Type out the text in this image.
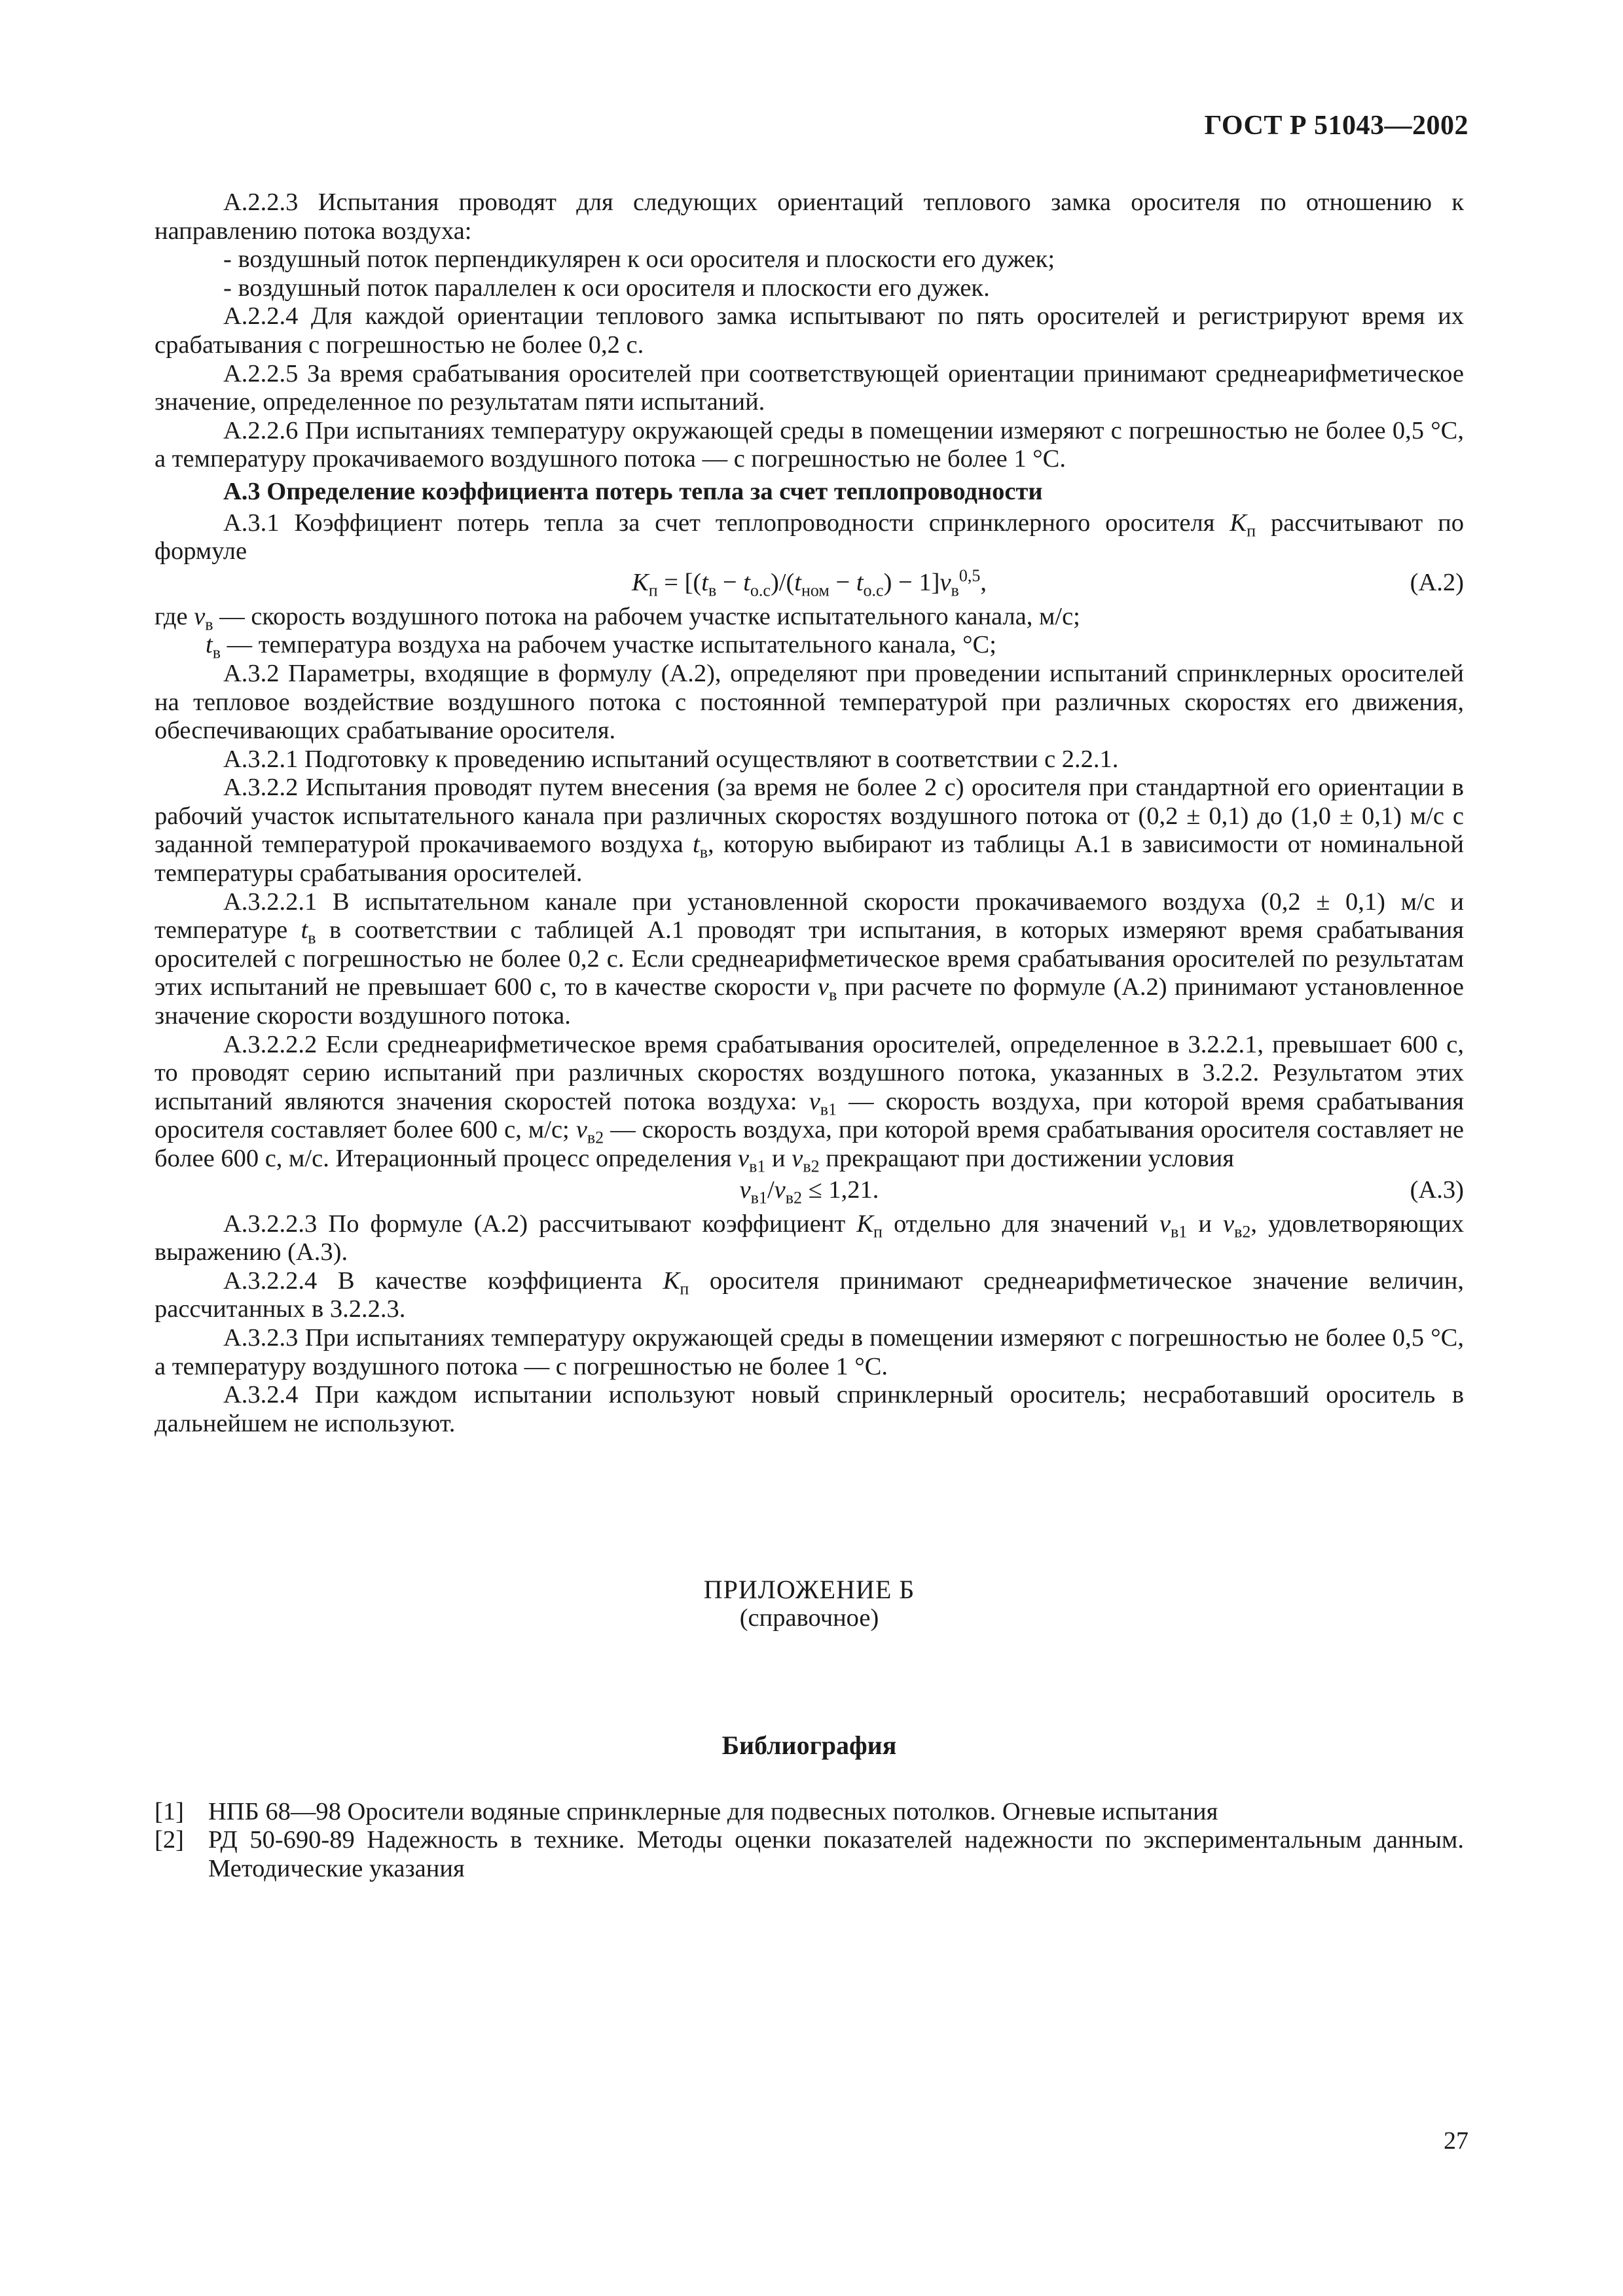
ГОСТ Р 51043—2002

А.2.2.3 Испытания проводят для следующих ориентаций теплового замка оросителя по отношению к направлению потока воздуха:

- воздушный поток перпендикулярен к оси оросителя и плоскости его дужек;

- воздушный поток параллелен к оси оросителя и плоскости его дужек.

А.2.2.4 Для каждой ориентации теплового замка испытывают по пять оросителей и регистрируют время их срабатывания с погрешностью не более 0,2 с.

А.2.2.5 За время срабатывания оросителей при соответствующей ориентации принимают среднеарифметическое значение, определенное по результатам пяти испытаний.

А.2.2.6 При испытаниях температуру окружающей среды в помещении измеряют с погрешностью не более 0,5 °С, а температуру прокачиваемого воздушного потока — с погрешностью не более 1 °С.

А.3 Определение коэффициента потерь тепла за счет теплопроводности

А.3.1 Коэффициент потерь тепла за счет теплопроводности спринклерного оросителя $K_п$ рассчитывают по формуле

$K_п = [(t_в - t_{о.с})/(t_{ном} - t_{о.с}) - 1]v_в^{0,5}$,	(А.2)

где $v_в$ — скорость воздушного потока на рабочем участке испытательного канала, м/с;

$t_в$ — температура воздуха на рабочем участке испытательного канала, °С;

А.3.2 Параметры, входящие в формулу (А.2), определяют при проведении испытаний спринклерных оросителей на тепловое воздействие воздушного потока с постоянной температурой при различных скоростях его движения, обеспечивающих срабатывание оросителя.

А.3.2.1 Подготовку к проведению испытаний осуществляют в соответствии с 2.2.1.

А.3.2.2 Испытания проводят путем внесения (за время не более 2 с) оросителя при стандартной его ориентации в рабочий участок испытательного канала при различных скоростях воздушного потока от (0,2 ± 0,1) до (1,0 ± 0,1) м/с с заданной температурой прокачиваемого воздуха $t_в$, которую выбирают из таблицы А.1 в зависимости от номинальной температуры срабатывания оросителей.

А.3.2.2.1 В испытательном канале при установленной скорости прокачиваемого воздуха (0,2 ± 0,1) м/с и температуре $t_в$ в соответствии с таблицей А.1 проводят три испытания, в которых измеряют время срабатывания оросителей с погрешностью не более 0,2 с. Если среднеарифметическое время срабатывания оросителей по результатам этих испытаний не превышает 600 с, то в качестве скорости $v_в$ при расчете по формуле (А.2) принимают установленное значение скорости воздушного потока.

А.3.2.2.2 Если среднеарифметическое время срабатывания оросителей, определенное в 3.2.2.1, превышает 600 с, то проводят серию испытаний при различных скоростях воздушного потока, указанных в 3.2.2. Результатом этих испытаний являются значения скоростей потока воздуха: $v_{в1}$ — скорость воздуха, при которой время срабатывания оросителя составляет более 600 с, м/с; $v_{в2}$ — скорость воздуха, при которой время срабатывания оросителя составляет не более 600 с, м/с. Итерационный процесс определения $v_{в1}$ и $v_{в2}$ прекращают при достижении условия

$v_{в1}/v_{в2} \le 1,21$.	(А.3)

А.3.2.2.3 По формуле (А.2) рассчитывают коэффициент $K_п$ отдельно для значений $v_{в1}$ и $v_{в2}$, удовлетворяющих выражению (А.3).

А.3.2.2.4 В качестве коэффициента $K_п$ оросителя принимают среднеарифметическое значение величин, рассчитанных в 3.2.2.3.

А.3.2.3 При испытаниях температуру окружающей среды в помещении измеряют с погрешностью не более 0,5 °С, а температуру воздушного потока — с погрешностью не более 1 °С.

А.3.2.4 При каждом испытании используют новый спринклерный ороситель; несработавший ороситель в дальнейшем не используют.

ПРИЛОЖЕНИЕ Б

(справочное)

Библиография

[1] НПБ 68—98 Оросители водяные спринклерные для подвесных потолков. Огневые испытания
[2] РД 50-690-89 Надежность в технике. Методы оценки показателей надежности по экспериментальным данным. Методические указания
27
